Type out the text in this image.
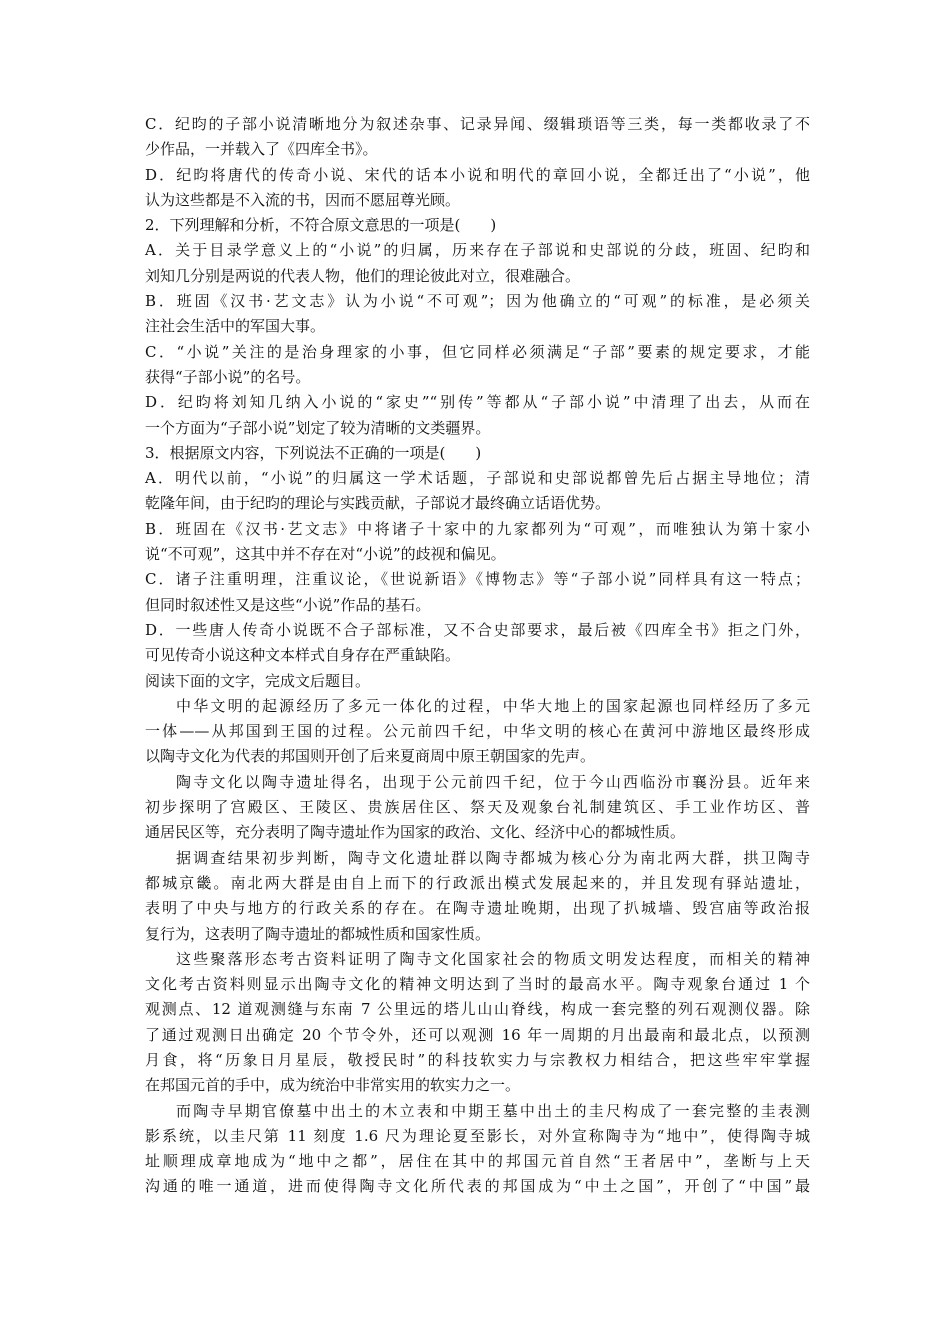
C．纪昀的子部小说清晰地分为叙述杂事、记录异闻、缀辑琐语等三类，每一类都收录了不
少作品，一并载入了《四库全书》。
D．纪昀将唐代的传奇小说、宋代的话本小说和明代的章回小说，全都迁出了“小说”，他
认为这些都是不入流的书，因而不愿屈尊光顾。
2．下列理解和分析，不符合原文意思的一项是(　　)
A．关于目录学意义上的“小说”的归属，历来存在子部说和史部说的分歧，班固、纪昀和
刘知几分别是两说的代表人物，他们的理论彼此对立，很难融合。
B．班固《汉书·艺文志》认为小说“不可观”；因为他确立的“可观”的标准，是必须关
注社会生活中的军国大事。
C．“小说”关注的是治身理家的小事，但它同样必须满足“子部”要素的规定要求，才能
获得“子部小说”的名号。
D．纪昀将刘知几纳入小说的“家史”“别传”等都从“子部小说”中清理了出去，从而在
一个方面为“子部小说”划定了较为清晰的文类疆界。
3．根据原文内容，下列说法不正确的一项是(　　)
A．明代以前，“小说”的归属这一学术话题，子部说和史部说都曾先后占据主导地位；清
乾隆年间，由于纪昀的理论与实践贡献，子部说才最终确立话语优势。
B．班固在《汉书·艺文志》中将诸子十家中的九家都列为“可观”，而唯独认为第十家小
说“不可观”，这其中并不存在对“小说”的歧视和偏见。
C．诸子注重明理，注重议论，《世说新语》《博物志》等“子部小说”同样具有这一特点；
但同时叙述性又是这些“小说”作品的基石。
D．一些唐人传奇小说既不合子部标准，又不合史部要求，最后被《四库全书》拒之门外，
可见传奇小说这种文本样式自身存在严重缺陷。
阅读下面的文字，完成文后题目。
中华文明的起源经历了多元一体化的过程，中华大地上的国家起源也同样经历了多元
一体——从邦国到王国的过程。公元前四千纪，中华文明的核心在黄河中游地区最终形成
以陶寺文化为代表的邦国则开创了后来夏商周中原王朝国家的先声。
陶寺文化以陶寺遗址得名，出现于公元前四千纪，位于今山西临汾市襄汾县。近年来
初步探明了宫殿区、王陵区、贵族居住区、祭天及观象台礼制建筑区、手工业作坊区、普
通居民区等，充分表明了陶寺遗址作为国家的政治、文化、经济中心的都城性质。
据调查结果初步判断，陶寺文化遗址群以陶寺都城为核心分为南北两大群，拱卫陶寺
都城京畿。南北两大群是由自上而下的行政派出模式发展起来的，并且发现有驿站遗址，
表明了中央与地方的行政关系的存在。在陶寺遗址晚期，出现了扒城墙、毁宫庙等政治报
复行为，这表明了陶寺遗址的都城性质和国家性质。
这些聚落形态考古资料证明了陶寺文化国家社会的物质文明发达程度，而相关的精神
文化考古资料则显示出陶寺文化的精神文明达到了当时的最高水平。陶寺观象台通过 1 个
观测点、12 道观测缝与东南 7 公里远的塔儿山山脊线，构成一套完整的列石观测仪器。除
了通过观测日出确定 20 个节令外，还可以观测 16 年一周期的月出最南和最北点，以预测
月食，将“历象日月星辰，敬授民时”的科技软实力与宗教权力相结合，把这些牢牢掌握
在邦国元首的手中，成为统治中非常实用的软实力之一。
而陶寺早期官僚墓中出土的木立表和中期王墓中出土的圭尺构成了一套完整的圭表测
影系统，以圭尺第 11 刻度 1.6 尺为理论夏至影长，对外宣称陶寺为“地中”，使得陶寺城
址顺理成章地成为“地中之都”，居住在其中的邦国元首自然“王者居中”，垄断与上天
沟通的唯一通道，进而使得陶寺文化所代表的邦国成为“中土之国”，开创了“中国”最
